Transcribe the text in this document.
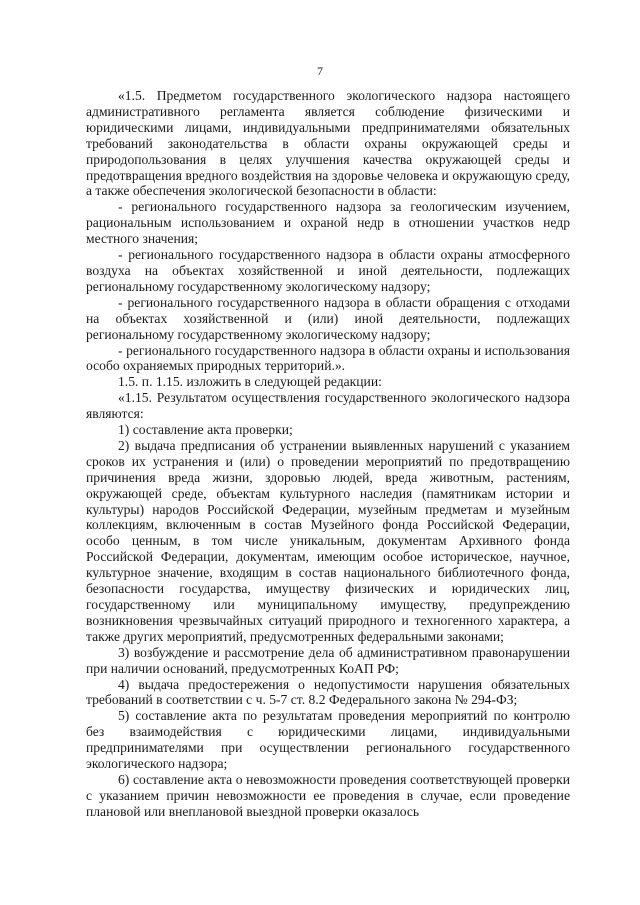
7

«1.5. Предметом государственного экологического надзора настоящего административного регламента является соблюдение физическими и юридическими лицами, индивидуальными предпринимателями обязательных требований законодательства в области охраны окружающей среды и природопользования в целях улучшения качества окружающей среды и предотвращения вредного воздействия на здоровье человека и окружающую среду, а также обеспечения экологической безопасности в области:

- регионального государственного надзора за геологическим изучением, рациональным использованием и охраной недр в отношении участков недр местного значения;

- регионального государственного надзора в области охраны атмосферного воздуха на объектах хозяйственной и иной деятельности, подлежащих региональному государственному экологическому надзору;

- регионального государственного надзора в области обращения с отходами на объектах хозяйственной и (или) иной деятельности, подлежащих региональному государственному экологическому надзору;

- регионального государственного надзора в области охраны и использования особо охраняемых природных территорий.».

1.5. п. 1.15. изложить в следующей редакции:

«1.15. Результатом осуществления государственного экологического надзора являются:

1) составление акта проверки;

2) выдача предписания об устранении выявленных нарушений с указанием сроков их устранения и (или) о проведении мероприятий по предотвращению причинения вреда жизни, здоровью людей, вреда животным, растениям, окружающей среде, объектам культурного наследия (памятникам истории и культуры) народов Российской Федерации, музейным предметам и музейным коллекциям, включенным в состав Музейного фонда Российской Федерации, особо ценным, в том числе уникальным, документам Архивного фонда Российской Федерации, документам, имеющим особое историческое, научное, культурное значение, входящим в состав национального библиотечного фонда, безопасности государства, имуществу физических и юридических лиц, государственному или муниципальному имуществу, предупреждению возникновения чрезвычайных ситуаций природного и техногенного характера, а также других мероприятий, предусмотренных федеральными законами;

3) возбуждение и рассмотрение дела об административном правонарушении при наличии оснований, предусмотренных КоАП РФ;

4) выдача предостережения о недопустимости нарушения обязательных требований в соответствии с ч. 5-7 ст. 8.2 Федерального закона № 294-ФЗ;

5) составление акта по результатам проведения мероприятий по контролю без взаимодействия с юридическими лицами, индивидуальными предпринимателями при осуществлении регионального государственного экологического надзора;

6) составление акта о невозможности проведения соответствующей проверки с указанием причин невозможности ее проведения в случае, если проведение плановой или внеплановой выездной проверки оказалось
